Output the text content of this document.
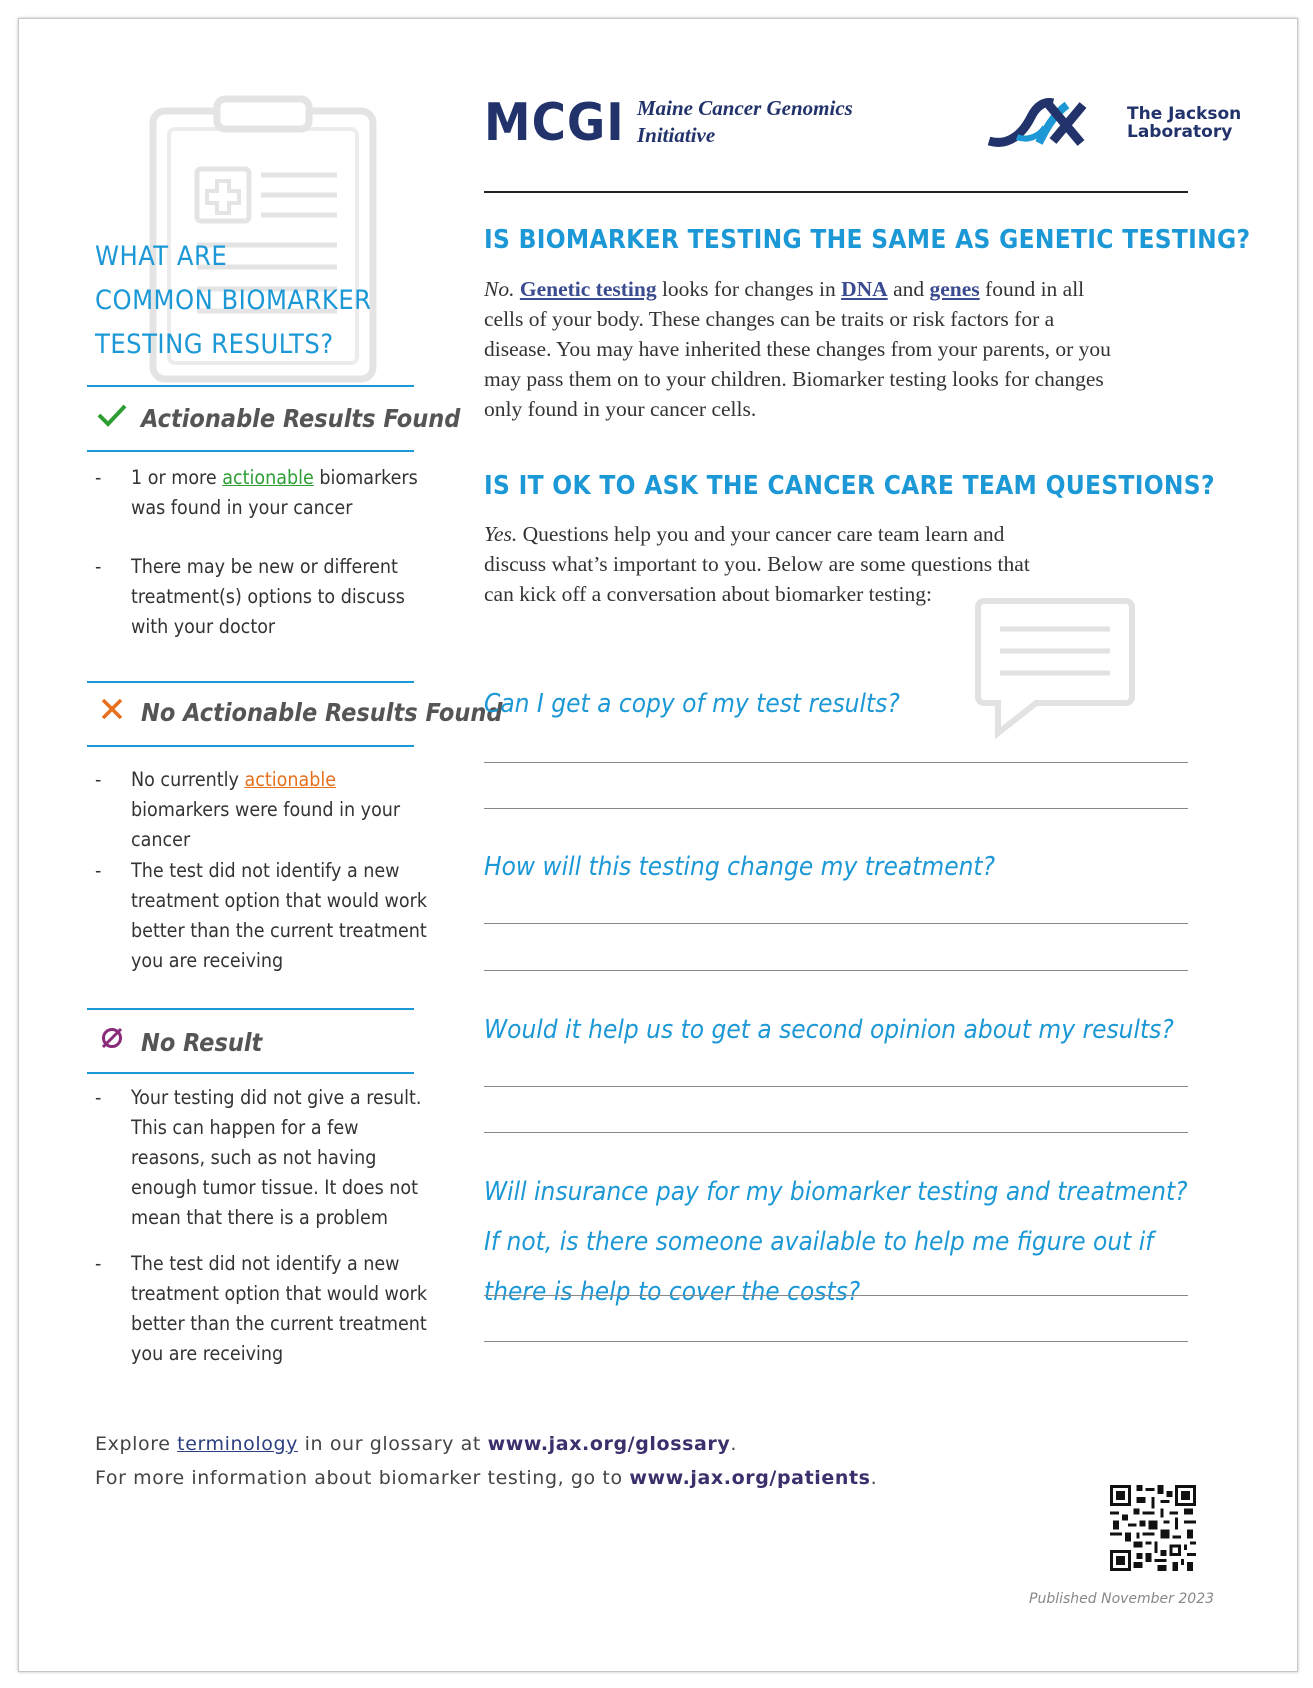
WHAT ARE
COMMON BIOMARKER
TESTING RESULTS?
Actionable Results Found
- 1 or more actionable biomarkers was found in your cancer
- There may be new or different treatment(s) options to discuss with your doctor
No Actionable Results Found
- No currently actionable biomarkers were found in your cancer
- The test did not identify a new treatment option that would work better than the current treatment you are receiving
No Result
- Your testing did not give a result. This can happen for a few reasons, such as not having enough tumor tissue. It does not mean that there is a problem
- The test did not identify a new treatment option that would work better than the current treatment you are receiving
MCGI Maine Cancer Genomics
Initiative
The Jackson
Laboratory
IS BIOMARKER TESTING THE SAME AS GENETIC TESTING?
No. Genetic testing looks for changes in DNA and genes found in all cells of your body. These changes can be traits or risk factors for a disease. You may have inherited these changes from your parents, or you may pass them on to your children. Biomarker testing looks for changes only found in your cancer cells.
IS IT OK TO ASK THE CANCER CARE TEAM QUESTIONS?
Yes. Questions help you and your cancer care team learn and discuss what’s important to you. Below are some questions that can kick off a conversation about biomarker testing:
Can I get a copy of my test results?
How will this testing change my treatment?
Would it help us to get a second opinion about my results?
Will insurance pay for my biomarker testing and treatment? If not, is there someone available to help me figure out if there is help to cover the costs?
Explore terminology in our glossary at www.jax.org/glossary.
For more information about biomarker testing, go to www.jax.org/patients.
Published November 2023
